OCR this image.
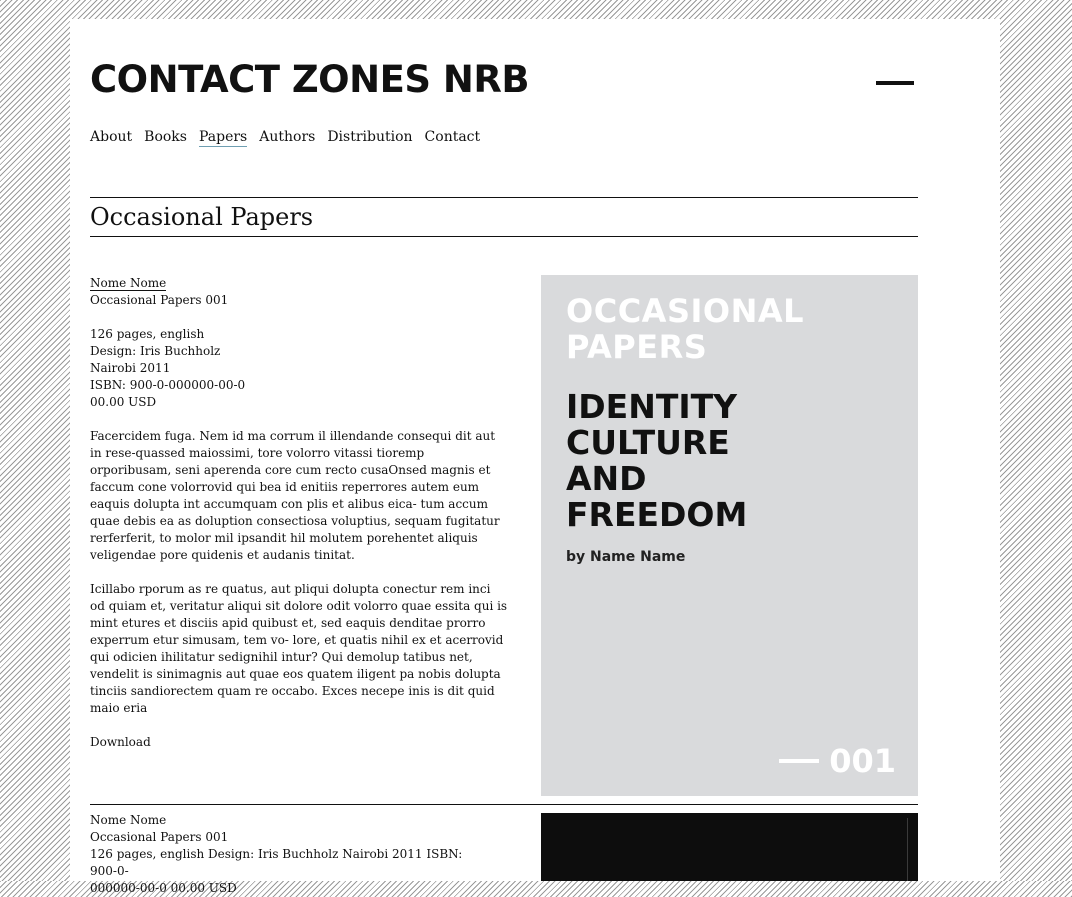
CONTACT ZONES NRB
About Books Papers Authors Distribution Contact
Occasional Papers

Nome Nome
Occasional Papers 001

126 pages, english
Design: Iris Buchholz
Nairobi 2011
ISBN: 900-0-000000-00-0
00.00 USD

Facercidem fuga. Nem id ma corrum il illendande consequi dit aut in rese-quassed maiossimi, tore volorro vitassi tioremp orporibusam, seni aperenda core cum recto cusaOnsed magnis et faccum cone volorrovid qui bea id enitiis reperrores autem eum eaquis dolupta int accumquam con plis et alibus eica- tum accum quae debis ea as doluption consectiosa voluptius, sequam fugitatur rerferferit, to molor mil ipsandit hil molutem porehentet aliquis veligendae pore quidenis et audanis tinitat.

Icillabo rporum as re quatus, aut pliqui dolupta conectur rem inci od quiam et, veritatur aliqui sit dolore odit volorro quae essita qui is mint etures et disciis apid quibust et, sed eaquis denditae prorro experrum etur simusam, tem vo- lore, et quatis nihil ex et acerrovid qui odicien ihilitatur sedignihil intur? Qui demolup tatibus net, vendelit is sinimagnis aut quae eos quatem iligent pa nobis dolupta tinciis sandiorectem quam re occabo. Exces necepe inis is dit quid maio eria

Download

OCCASIONAL
PAPERS
IDENTITY
CULTURE
AND
FREEDOM
by Name Name
001
Nome Nome
Occasional Papers 001
126 pages, english Design: Iris Buchholz Nairobi 2011 ISBN: 900-0-
000000-00-0 00.00 USD
